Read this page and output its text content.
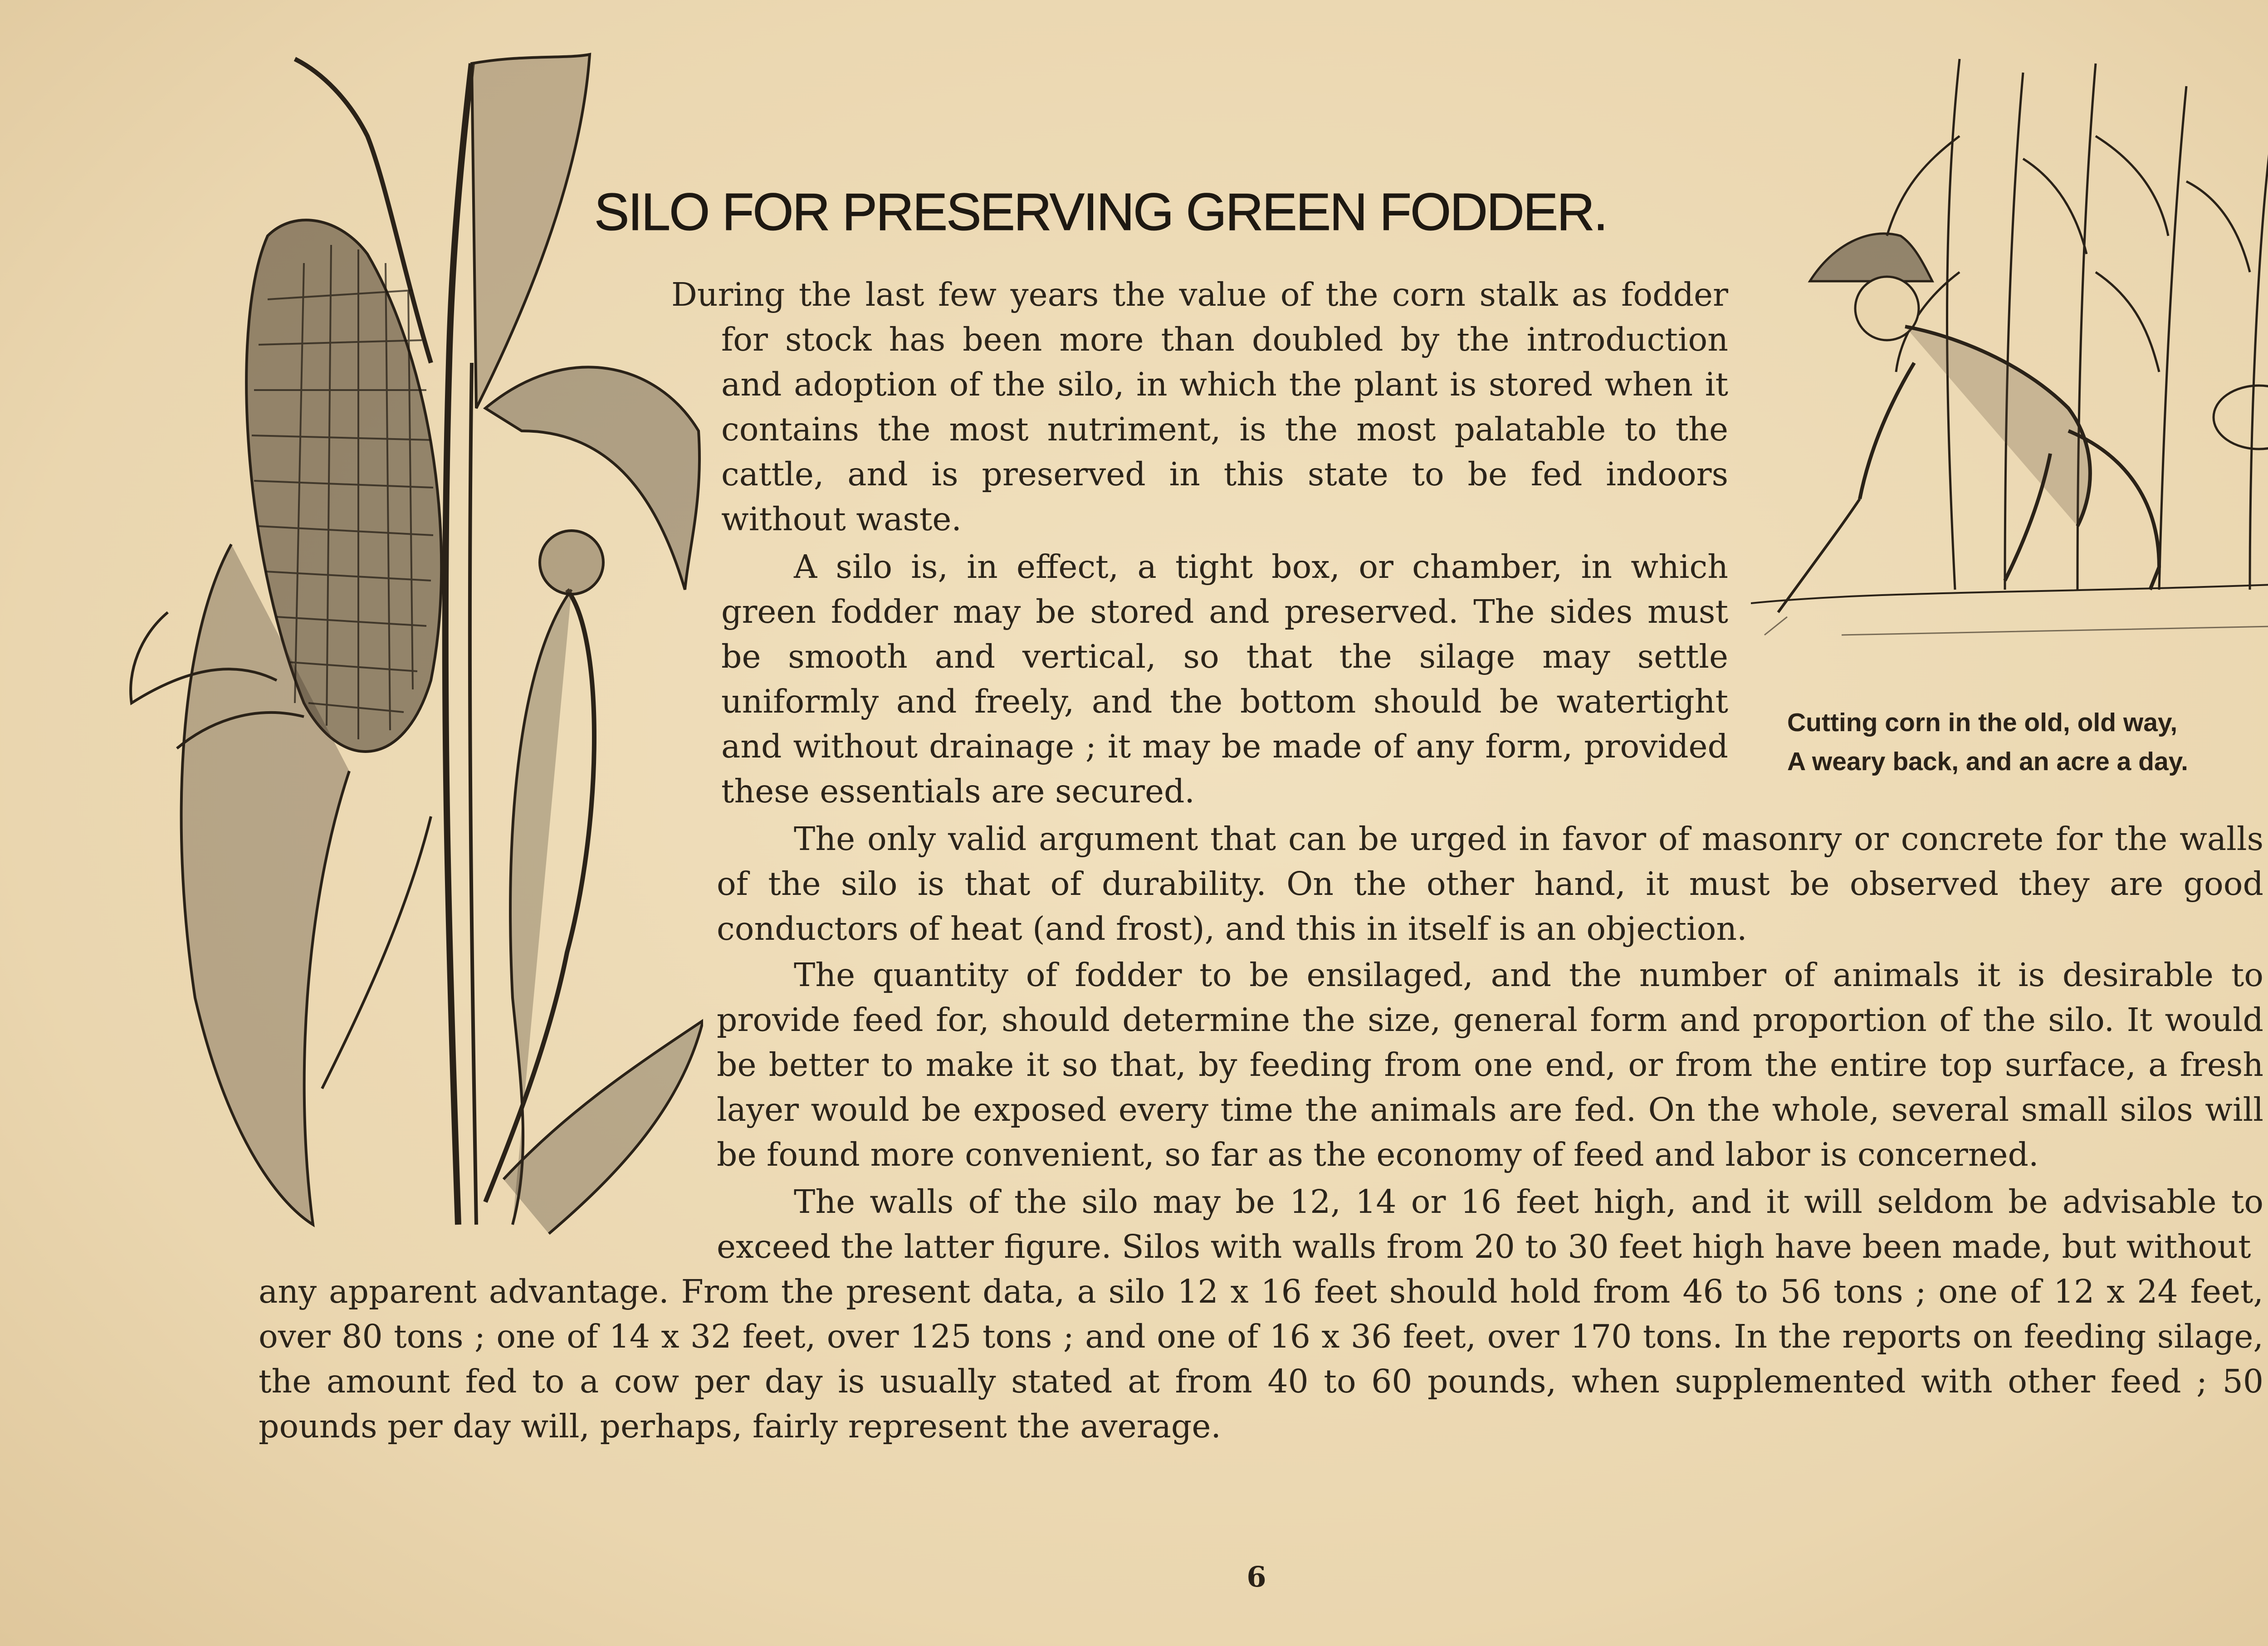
SILO FOR PRESERVING GREEN FODDER.
Cutting corn in the old, old way,
A weary back, and an acre a day.
During the last few years the value of the corn stalk as fodder for stock has been more than doubled by the introduction and adoption of the silo, in which the plant is stored when it contains the most nutriment, is the most palatable to the cattle, and is preserved in this state to be fed indoors without waste.
A silo is, in effect, a tight box, or chamber, in which green fodder may be stored and preserved. The sides must be smooth and vertical, so that the silage may settle uniformly and freely, and the bottom should be watertight and without drainage ; it may be made of any form, provided these essentials are secured.
The only valid argument that can be urged in favor of masonry or concrete for the walls of the silo is that of durability. On the other hand, it must be observed they are good conductors of heat (and frost), and this in itself is an objection.
The quantity of fodder to be ensilaged, and the number of animals it is desirable to provide feed for, should determine the size, general form and proportion of the silo. It would be better to make it so that, by feeding from one end, or from the entire top surface, a fresh layer would be exposed every time the animals are fed. On the whole, several small silos will be found more convenient, so far as the economy of feed and labor is concerned.
The walls of the silo may be 12, 14 or 16 feet high, and it will seldom be advisable to exceed the latter figure. Silos with walls from 20 to 30 feet high have been made, but without
any apparent advantage. From the present data, a silo 12 x 16 feet should hold from 46 to 56 tons ; one of 12 x 24 feet, over 80 tons ; one of 14 x 32 feet, over 125 tons ; and one of 16 x 36 feet, over 170 tons. In the reports on feeding silage, the amount fed to a cow per day is usually stated at from 40 to 60 pounds, when supplemented with other feed ; 50 pounds per day will, perhaps, fairly represent the average.
6
